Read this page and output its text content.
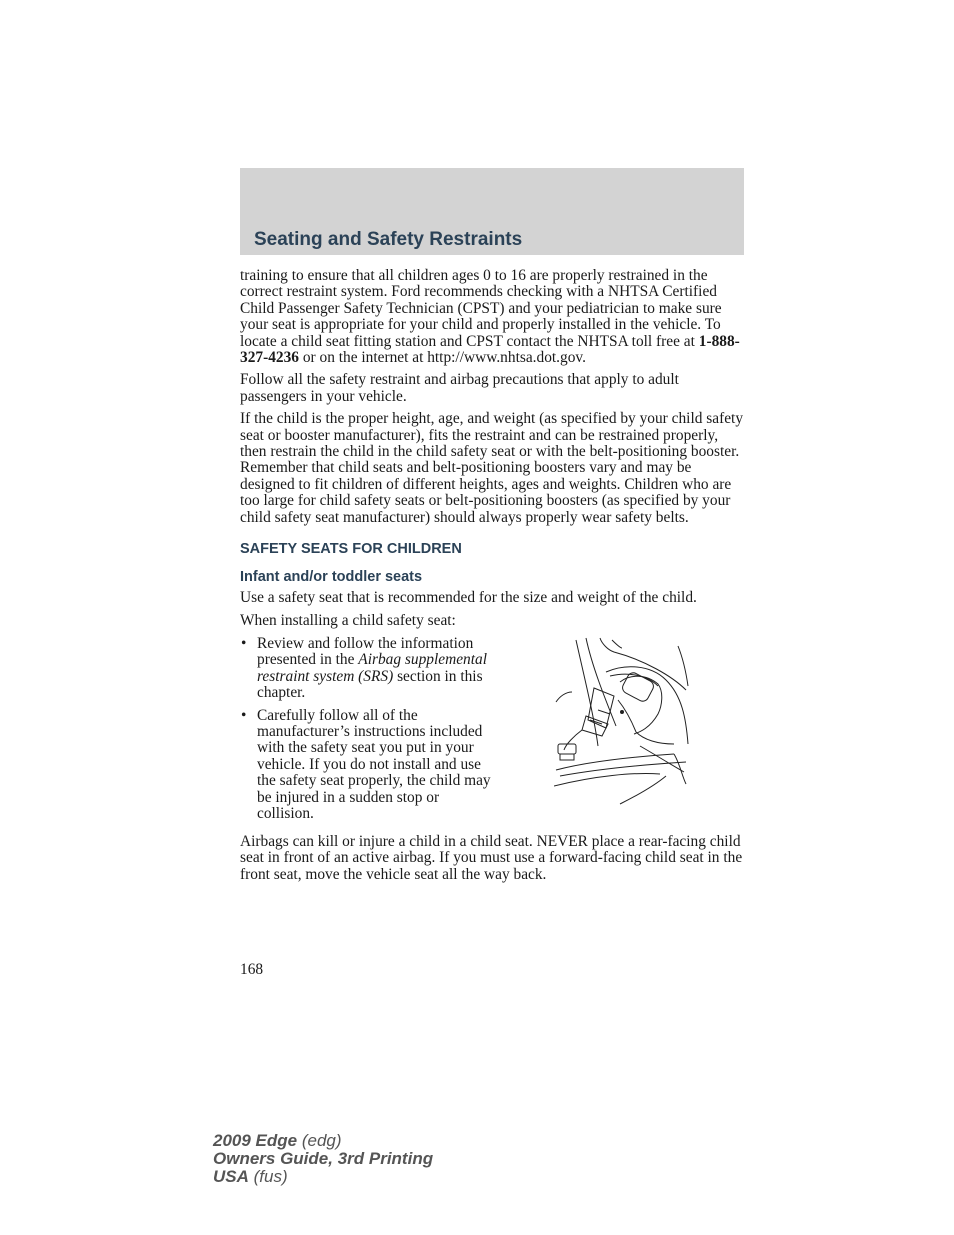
Seating and Safety Restraints

training to ensure that all children ages 0 to 16 are properly restrained in the correct restraint system. Ford recommends checking with a NHTSA Certified Child Passenger Safety Technician (CPST) and your pediatrician to make sure your seat is appropriate for your child and properly installed in the vehicle. To locate a child seat fitting station and CPST contact the NHTSA toll free at 1-888-327-4236 or on the internet at http://www.nhtsa.dot.gov.

Follow all the safety restraint and airbag precautions that apply to adult passengers in your vehicle.

If the child is the proper height, age, and weight (as specified by your child safety seat or booster manufacturer), fits the restraint and can be restrained properly, then restrain the child in the child safety seat or with the belt-positioning booster. Remember that child seats and belt-positioning boosters vary and may be designed to fit children of different heights, ages and weights. Children who are too large for child safety seats or belt-positioning boosters (as specified by your child safety seat manufacturer) should always properly wear safety belts.

SAFETY SEATS FOR CHILDREN
Infant and/or toddler seats

Use a safety seat that is recommended for the size and weight of the child.

When installing a child safety seat:

• Review and follow the information presented in the Airbag supplemental restraint system (SRS) section in this chapter.
• Carefully follow all of the manufacturer’s instructions included with the safety seat you put in your vehicle. If you do not install and use the safety seat properly, the child may be injured in a sudden stop or collision.

Airbags can kill or injure a child in a child seat. NEVER place a rear-facing child seat in front of an active airbag. If you must use a forward-facing child seat in the front seat, move the vehicle seat all the way back.

168
2009 Edge (edg)
Owners Guide, 3rd Printing
USA (fus)
